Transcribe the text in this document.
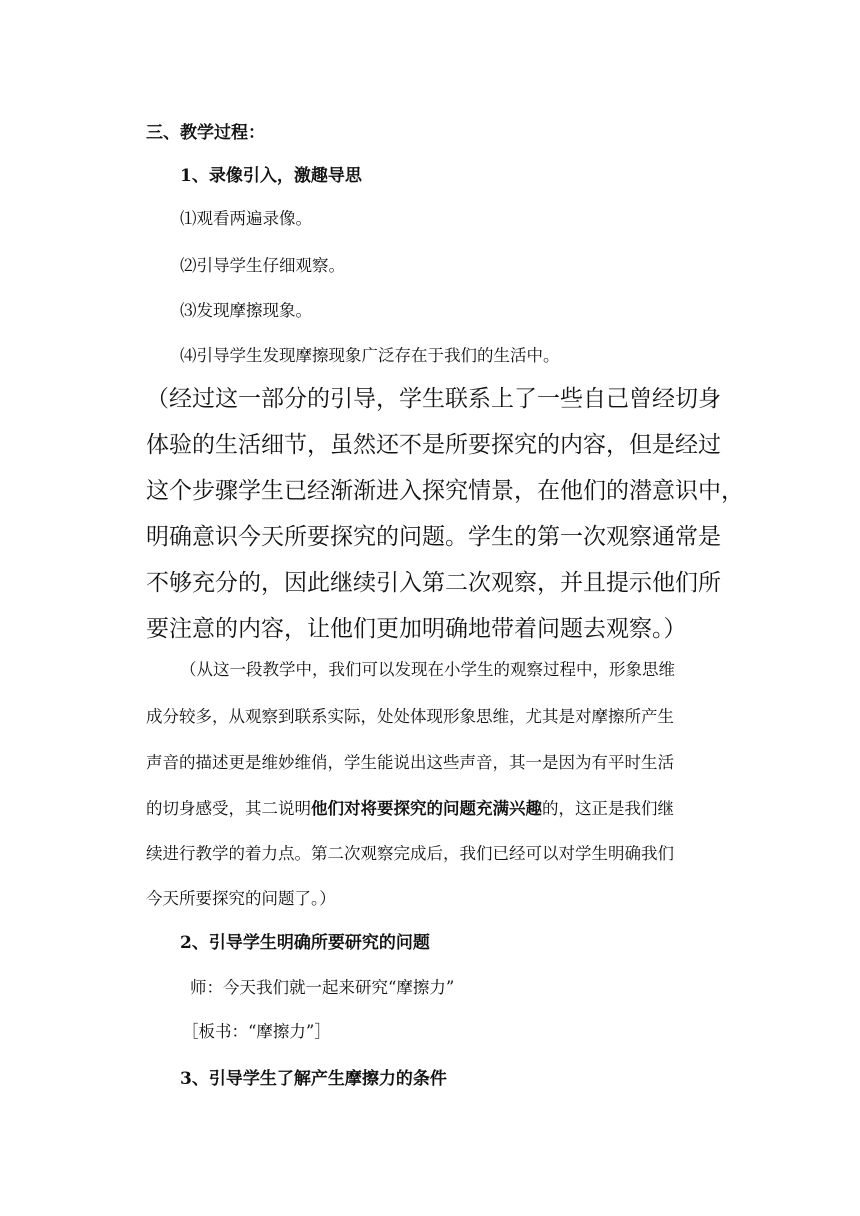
三、教学过程：
1、录像引入，激趣导思
⑴观看两遍录像。
⑵引导学生仔细观察。
⑶发现摩擦现象。
⑷引导学生发现摩擦现象广泛存在于我们的生活中。
（经过这一部分的引导，学生联系上了一些自己曾经切身
体验的生活细节，虽然还不是所要探究的内容，但是经过
这个步骤学生已经渐渐进入探究情景，在他们的潜意识中，
明确意识今天所要探究的问题。学生的第一次观察通常是
不够充分的，因此继续引入第二次观察，并且提示他们所
要注意的内容，让他们更加明确地带着问题去观察。）
（从这一段教学中，我们可以发现在小学生的观察过程中，形象思维
成分较多，从观察到联系实际，处处体现形象思维，尤其是对摩擦所产生
声音的描述更是维妙维俏，学生能说出这些声音，其一是因为有平时生活
的切身感受，其二说明他们对将要探究的问题充满兴趣的，这正是我们继
续进行教学的着力点。第二次观察完成后，我们已经可以对学生明确我们
今天所要探究的问题了。）
2、引导学生明确所要研究的问题
师：今天我们就一起来研究“摩擦力”
［板书：“摩擦力”］
3、引导学生了解产生摩擦力的条件
